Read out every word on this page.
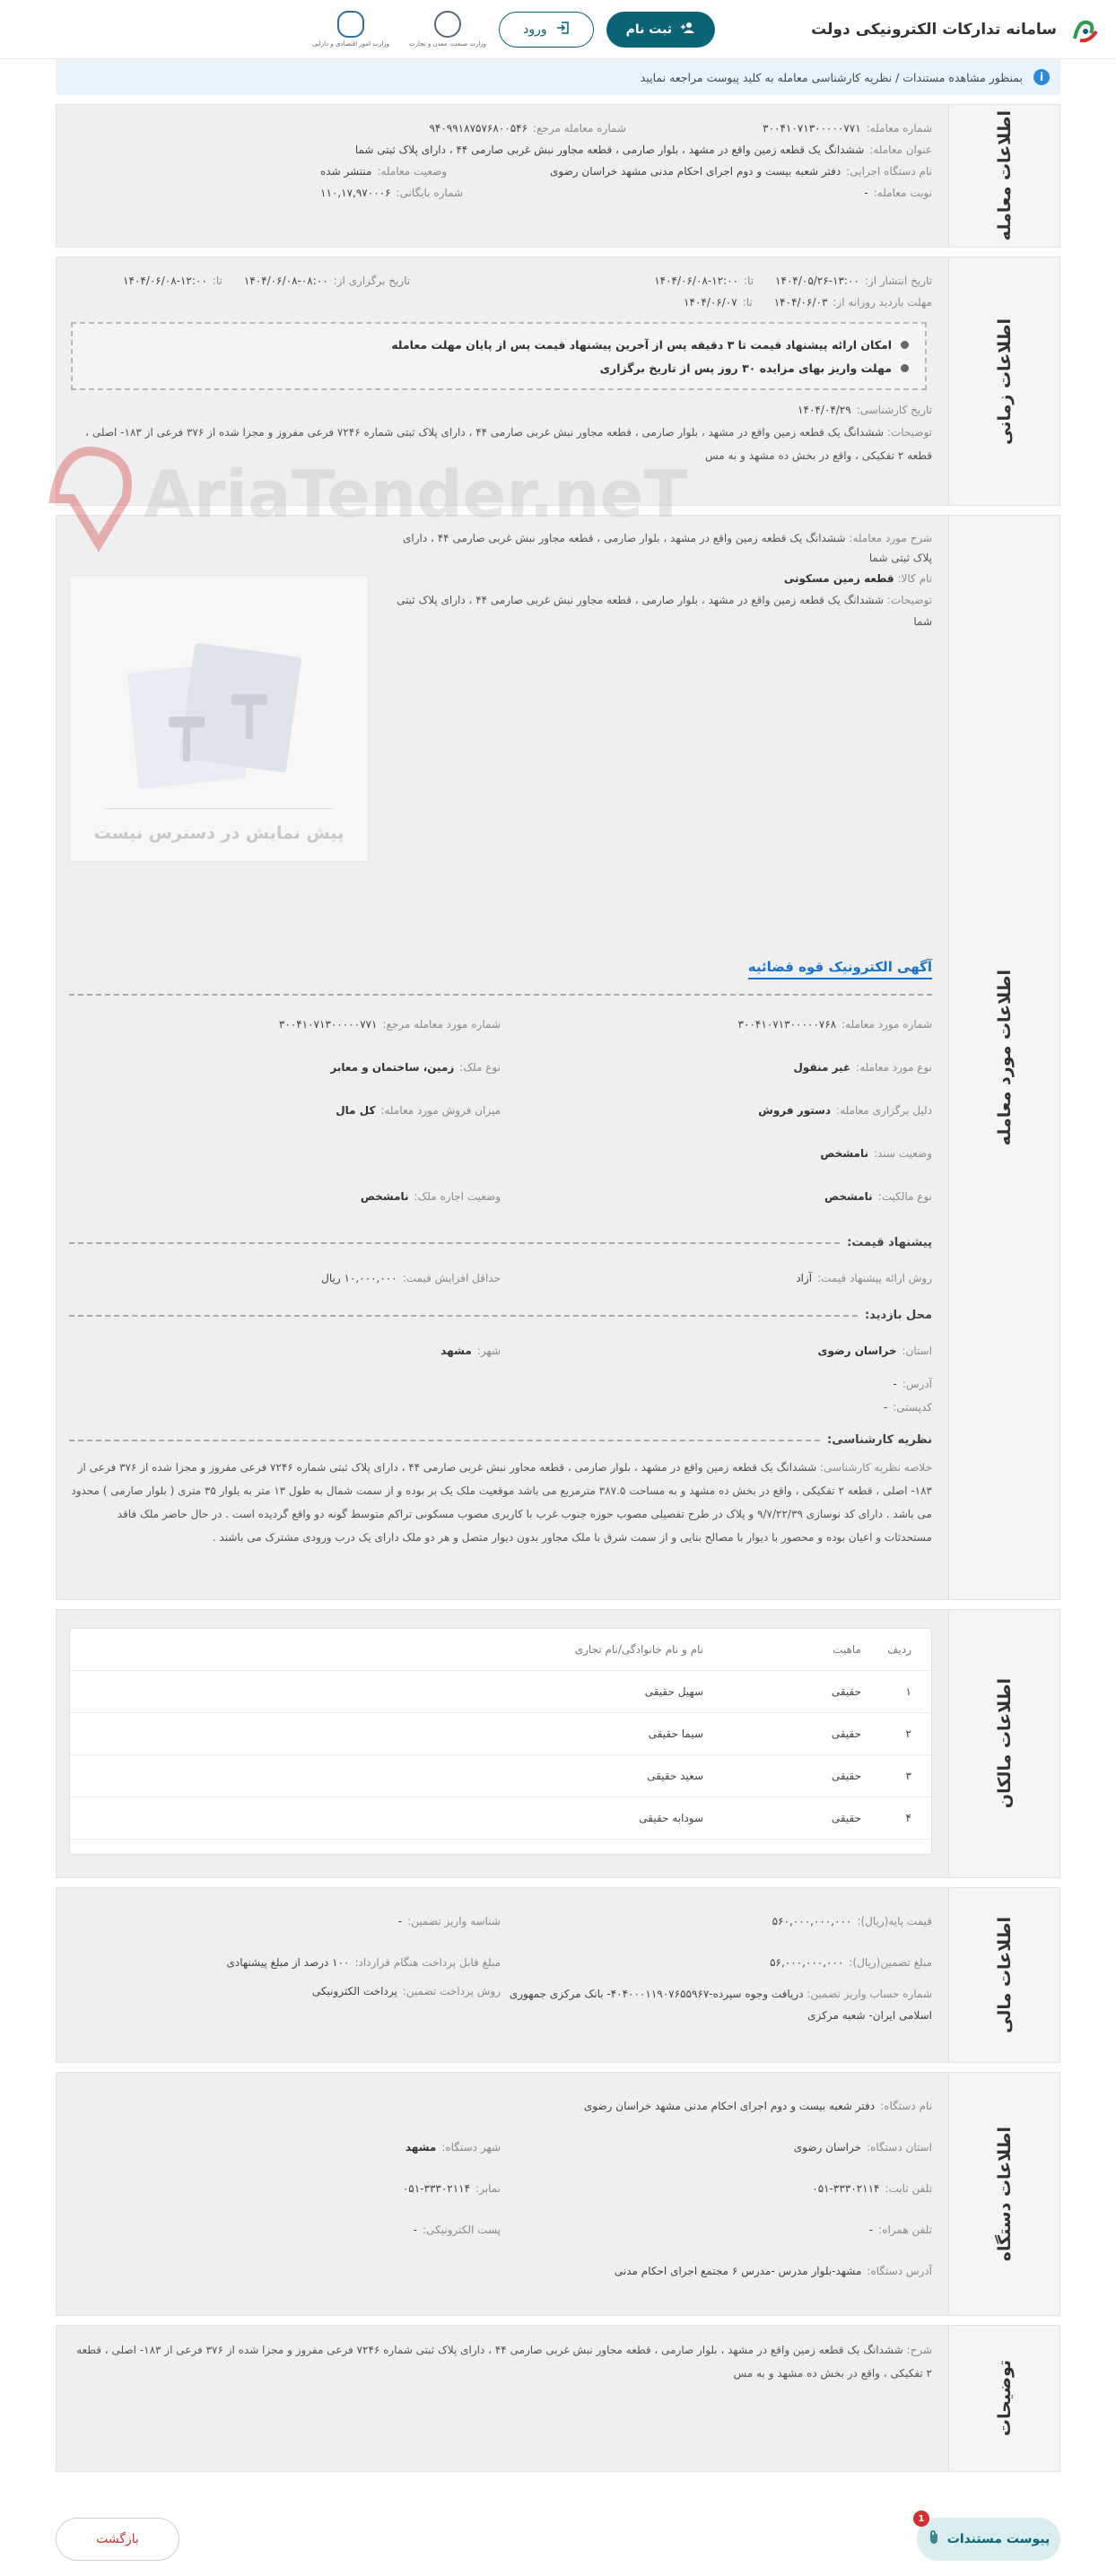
سامانه تدارکات الکترونیکی دولت
ثبت نام
ورود
وزارت صنعت، معدن و تجارت
وزارت امور اقتصادی و دارایی
i
بمنظور مشاهده مستندات / نظریه کارشناسی معامله به کلید پیوست مراجعه نمایید
اطلاعات معامله
شماره معامله:
۳۰۰۴۱۰۷۱۳۰۰۰۰۰۷۷۱
شماره معامله مرجع:
۹۴۰۹۹۱۸۷۵۷۶۸۰۰۵۴۶
عنوان معامله:
ششدانگ یک قطعه زمین واقع در مشهد ، بلوار صارمی ، قطعه مجاور نبش غربی صارمی ۴۴ ، دارای پلاک ثبتی شما
نام دستگاه اجرایی:
دفتر شعبه بیست و دوم اجرای احکام مدنی مشهد خراسان رضوی
وضعیت معامله:
منتشر شده
نوبت معامله:
-
شماره بایگانی:
۱۱۰,۱۷,۹۷۰۰۰۶
اطلاعات زمانی
تاریخ انتشار از:
۱۴۰۴/۰۵/۲۶-۱۳:۰۰
تا:
۱۴۰۴/۰۶/۰۸-۱۲:۰۰
تاریخ برگزاری از:
۱۴۰۴/۰۶/۰۸-۰۸:۰۰
تا:
۱۴۰۴/۰۶/۰۸-۱۲:۰۰
مهلت بازدید روزانه از:
۱۴۰۴/۰۶/۰۳
تا:
۱۴۰۴/۰۶/۰۷
امکان ارائه پیشنهاد قیمت تا ۳ دقیقه پس از آخرین پیشنهاد قیمت پس از پایان مهلت معامله
مهلت واریز بهای مزایده ۳۰ روز پس از تاریخ برگزاری
تاریخ کارشناسی:
۱۴۰۴/۰۴/۲۹
توضیحات: ششدانگ یک قطعه زمین واقع در مشهد ، بلوار صارمی ، قطعه مجاور نبش غربی صارمی ۴۴ ، دارای پلاک ثبتی شماره ۷۲۴۶ فرعی مفروز و مجزا شده از ۳۷۶ فرعی از ۱۸۳- اصلی ، قطعه ۲ تفکیکی ، واقع در بخش ده مشهد و به مس
اطلاعات مورد معامله
شرح مورد معامله: ششدانگ یک قطعه زمین واقع در مشهد ، بلوار صارمی ، قطعه مجاور نبش غربی صارمی ۴۴ ، دارای پلاک ثبتی شما
نام کالا: قطعه زمین مسکونی
توضیحات: ششدانگ یک قطعه زمین واقع در مشهد ، بلوار صارمی ، قطعه مجاور نبش غربی صارمی ۴۴ ، دارای پلاک ثبتی شما
پیش نمایش در دسترس نیست
آگهی الکترونیک قوه قضائیه
شماره مورد معامله:
۳۰۰۴۱۰۷۱۳۰۰۰۰۰۷۶۸
شماره مورد معامله مرجع:
۳۰۰۴۱۰۷۱۳۰۰۰۰۰۷۷۱
نوع مورد معامله:
غیر منقول
نوع ملک:
زمین، ساختمان و معابر
دلیل برگزاری معامله:
دستور فروش
میزان فروش مورد معامله:
کل مال
وضعیت سند:
نامشخص
نوع مالکیت:
نامشخص
وضعیت اجاره ملک:
نامشخص
پیشنهاد قیمت:
روش ارائه پیشنهاد قیمت:
آزاد
حداقل افزایش قیمت:
۱۰,۰۰۰,۰۰۰ ریال
محل بازدید:
استان:
خراسان رضوی
شهر:
مشهد
آدرس:
-
کدپستی:
-
نظریه کارشناسی:
خلاصه نظریه کارشناسی: ششدانگ یک قطعه زمین واقع در مشهد ، بلوار صارمی ، قطعه مجاور نبش غربی صارمی ۴۴ ، دارای پلاک ثبتی شماره ۷۲۴۶ فرعی مفروز و مجزا شده از ۳۷۶ فرعی از ۱۸۳- اصلی ، قطعه ۲ تفکیکی ، واقع در بخش ده مشهد و به مساحت ۳۸۷.۵ مترمربع می باشد موقعیت ملک یک بر بوده و از سمت شمال به طول ۱۳ متر به بلوار ۳۵ متری ( بلوار صارمی ) محدود می باشد . دارای کد نوسازی ۹/۷/۲۲/۳۹ و پلاک در طرح تفصیلی مصوب حوزه جنوب غرب با کاربری مصوب مسکونی تراکم متوسط گونه دو واقع گردیده است . در حال حاضر ملک فاقد مستحدثات و اعیان بوده و محصور با دیوار با مصالح بنایی و از سمت شرق با ملک مجاور بدون دیوار متصل و هر دو ملک دارای یک درب ورودی مشترک می باشند .
AriaTender.neT
اطلاعات مالکان
ردیف
ماهیت
نام و نام خانوادگی/نام تجاری
۱
حقیقی
سهیل حقیقی
۲
حقیقی
سیما حقیقی
۳
حقیقی
سعید حقیقی
۴
حقیقی
سودابه حقیقی
اطلاعات مالی
قیمت پایه(ریال):
۵۶۰,۰۰۰,۰۰۰,۰۰۰
شناسه واریز تضمین:
-
مبلغ تضمین(ریال):
۵۶,۰۰۰,۰۰۰,۰۰۰
مبلغ قابل پرداخت هنگام قرارداد:
۱۰۰ درصد از مبلغ پیشنهادی
شماره حساب واریز تضمین: دریافت وجوه سپرده-۴۰۴۰۰۰۱۱۹۰۷۶۵۵۹۶۷- بانک مرکزی جمهوری اسلامی ایران- شعبه مرکزی
روش پرداخت تضمین:
پرداخت الکترونیکی
اطلاعات دستگاه
نام دستگاه:
دفتر شعبه بیست و دوم اجرای احکام مدنی مشهد خراسان رضوی
استان دستگاه:
خراسان رضوی
شهر دستگاه:
مشهد
تلفن ثابت:
۰۵۱-۳۳۳۰۲۱۱۴
نمابر:
۰۵۱-۳۳۳۰۲۱۱۴
تلفن همراه:
-
پست الکترونیکی:
-
آدرس دستگاه:
مشهد-بلوار مدرس -مدرس ۶ مجتمع اجرای احکام مدنی
توضیحات
شرح: ششدانگ یک قطعه زمین واقع در مشهد ، بلوار صارمی ، قطعه مجاور نبش غربی صارمی ۴۴ ، دارای پلاک ثبتی شماره ۷۲۴۶ فرعی مفروز و مجزا شده از ۳۷۶ فرعی از ۱۸۳- اصلی ، قطعه ۲ تفکیکی ، واقع در بخش ده مشهد و به مس
1
پیوست مستندات
بازگشت
